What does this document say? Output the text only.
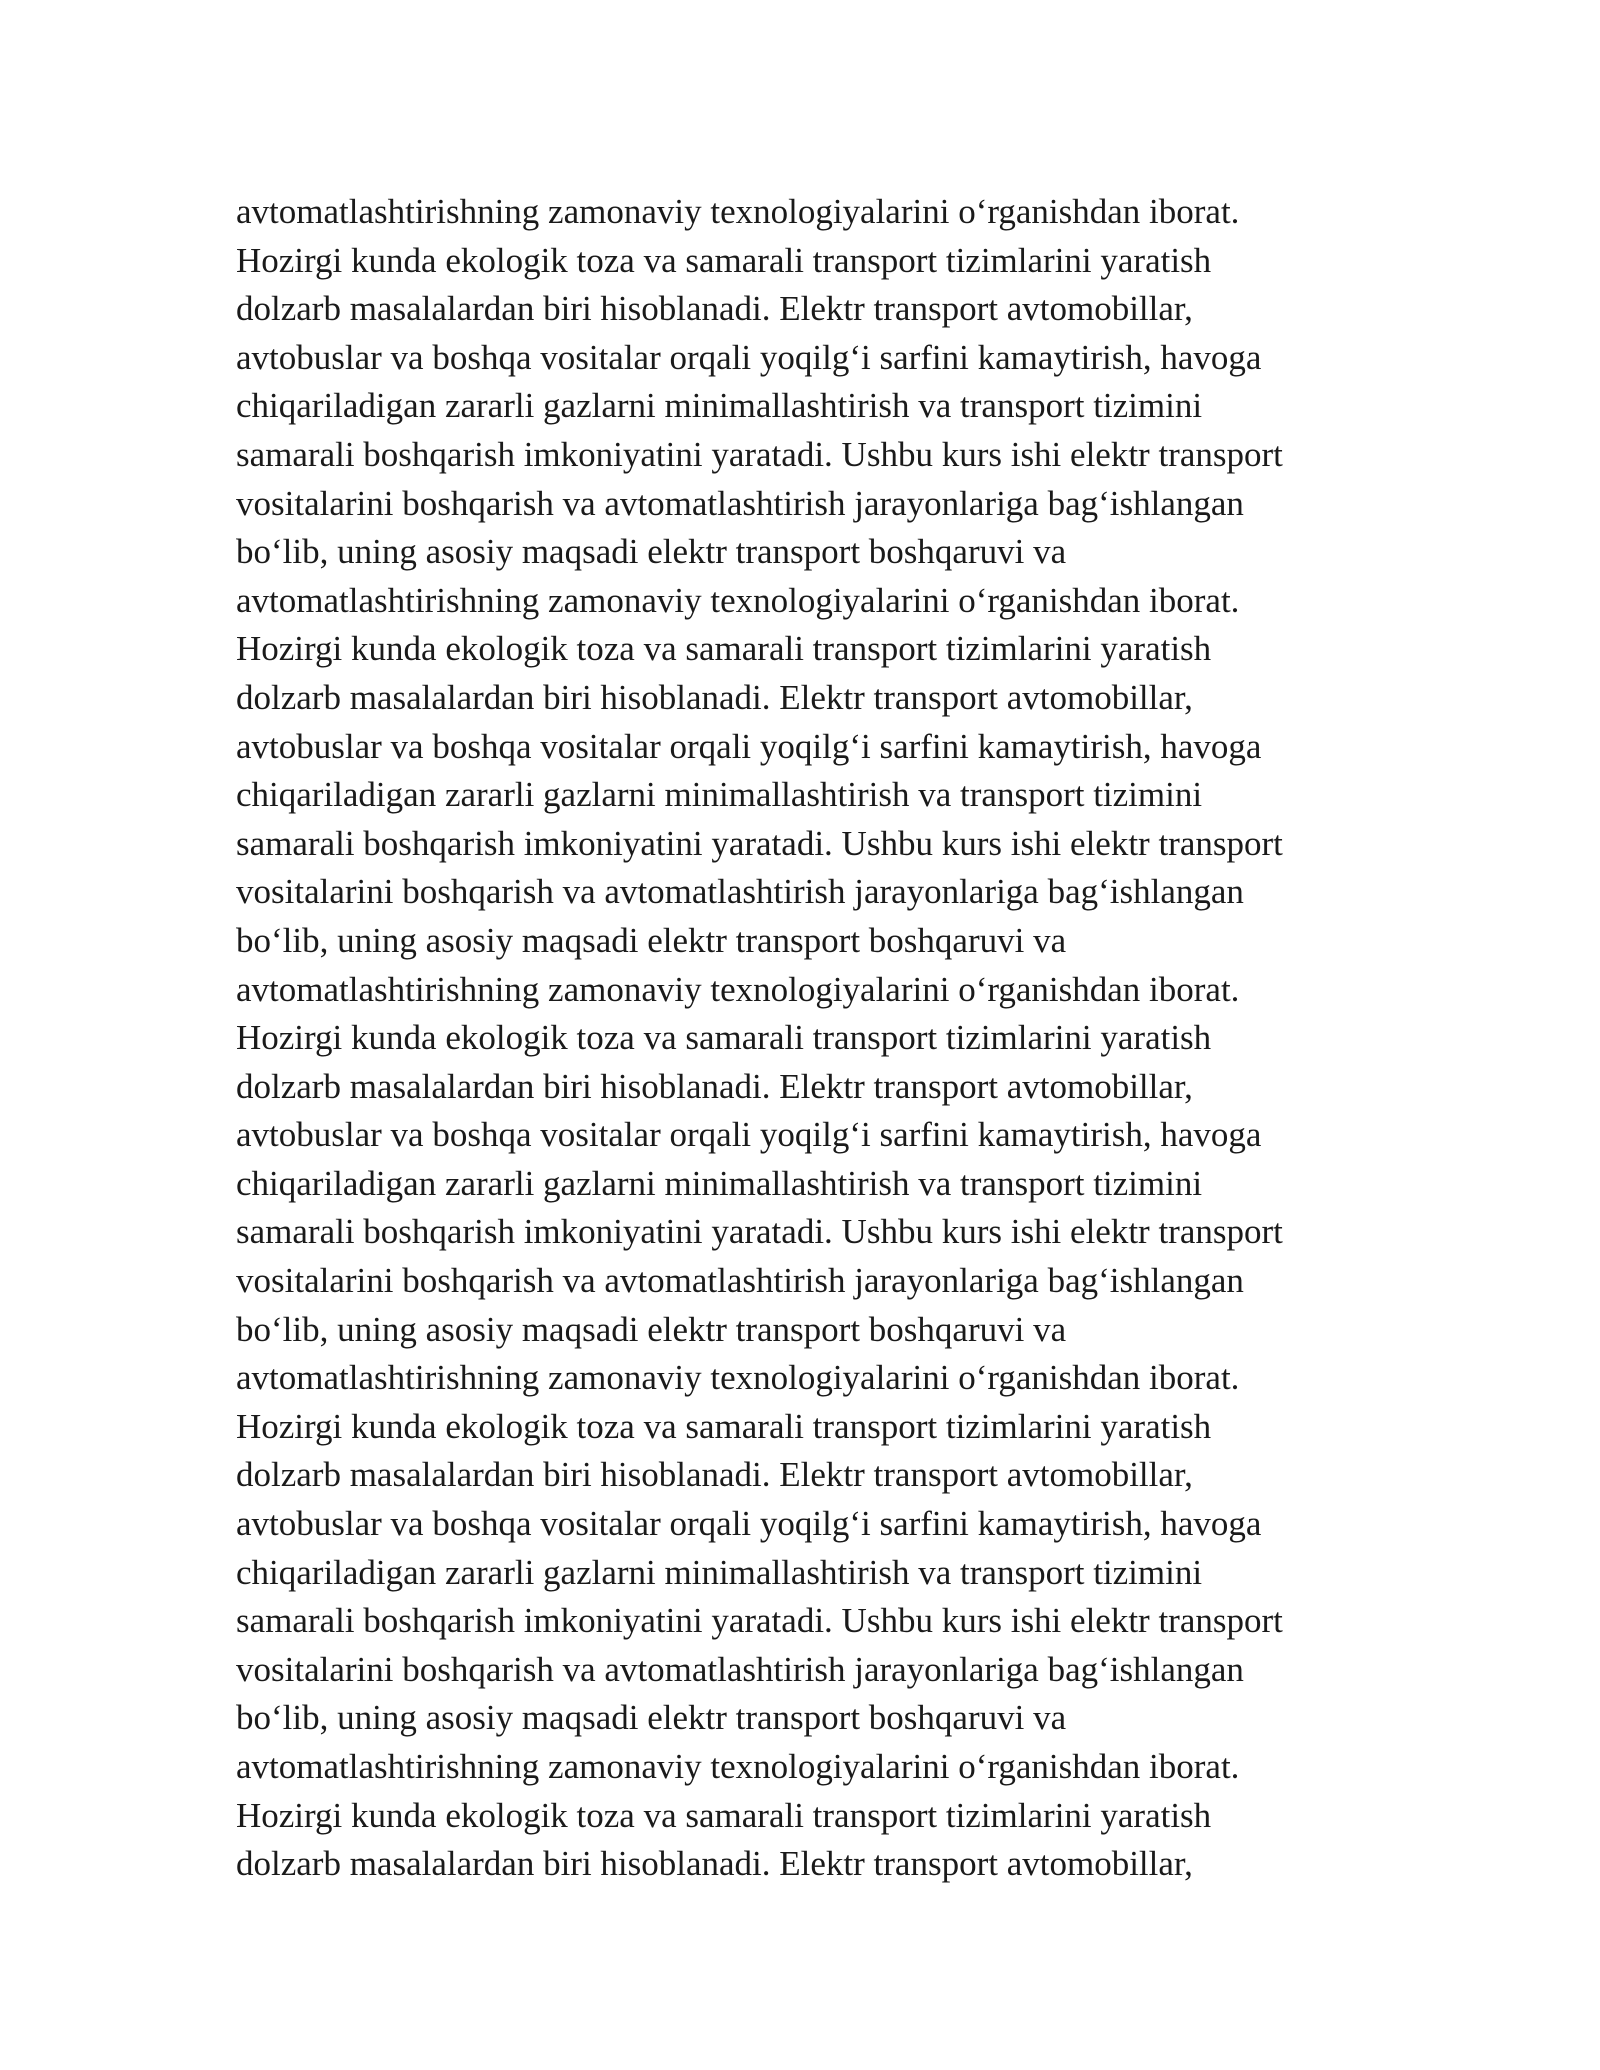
avtomatlashtirishning zamonaviy texnologiyalarini o‘rganishdan iborat.
Hozirgi kunda ekologik toza va samarali transport tizimlarini yaratish
dolzarb masalalardan biri hisoblanadi. Elektr transport avtomobillar,
avtobuslar va boshqa vositalar orqali yoqilg‘i sarfini kamaytirish, havoga
chiqariladigan zararli gazlarni minimallashtirish va transport tizimini
samarali boshqarish imkoniyatini yaratadi. Ushbu kurs ishi elektr transport
vositalarini boshqarish va avtomatlashtirish jarayonlariga bag‘ishlangan
bo‘lib, uning asosiy maqsadi elektr transport boshqaruvi va
avtomatlashtirishning zamonaviy texnologiyalarini o‘rganishdan iborat.
Hozirgi kunda ekologik toza va samarali transport tizimlarini yaratish
dolzarb masalalardan biri hisoblanadi. Elektr transport avtomobillar,
avtobuslar va boshqa vositalar orqali yoqilg‘i sarfini kamaytirish, havoga
chiqariladigan zararli gazlarni minimallashtirish va transport tizimini
samarali boshqarish imkoniyatini yaratadi. Ushbu kurs ishi elektr transport
vositalarini boshqarish va avtomatlashtirish jarayonlariga bag‘ishlangan
bo‘lib, uning asosiy maqsadi elektr transport boshqaruvi va
avtomatlashtirishning zamonaviy texnologiyalarini o‘rganishdan iborat.
Hozirgi kunda ekologik toza va samarali transport tizimlarini yaratish
dolzarb masalalardan biri hisoblanadi. Elektr transport avtomobillar,
avtobuslar va boshqa vositalar orqali yoqilg‘i sarfini kamaytirish, havoga
chiqariladigan zararli gazlarni minimallashtirish va transport tizimini
samarali boshqarish imkoniyatini yaratadi. Ushbu kurs ishi elektr transport
vositalarini boshqarish va avtomatlashtirish jarayonlariga bag‘ishlangan
bo‘lib, uning asosiy maqsadi elektr transport boshqaruvi va
avtomatlashtirishning zamonaviy texnologiyalarini o‘rganishdan iborat.
Hozirgi kunda ekologik toza va samarali transport tizimlarini yaratish
dolzarb masalalardan biri hisoblanadi. Elektr transport avtomobillar,
avtobuslar va boshqa vositalar orqali yoqilg‘i sarfini kamaytirish, havoga
chiqariladigan zararli gazlarni minimallashtirish va transport tizimini
samarali boshqarish imkoniyatini yaratadi. Ushbu kurs ishi elektr transport
vositalarini boshqarish va avtomatlashtirish jarayonlariga bag‘ishlangan
bo‘lib, uning asosiy maqsadi elektr transport boshqaruvi va
avtomatlashtirishning zamonaviy texnologiyalarini o‘rganishdan iborat.
Hozirgi kunda ekologik toza va samarali transport tizimlarini yaratish
dolzarb masalalardan biri hisoblanadi. Elektr transport avtomobillar,
